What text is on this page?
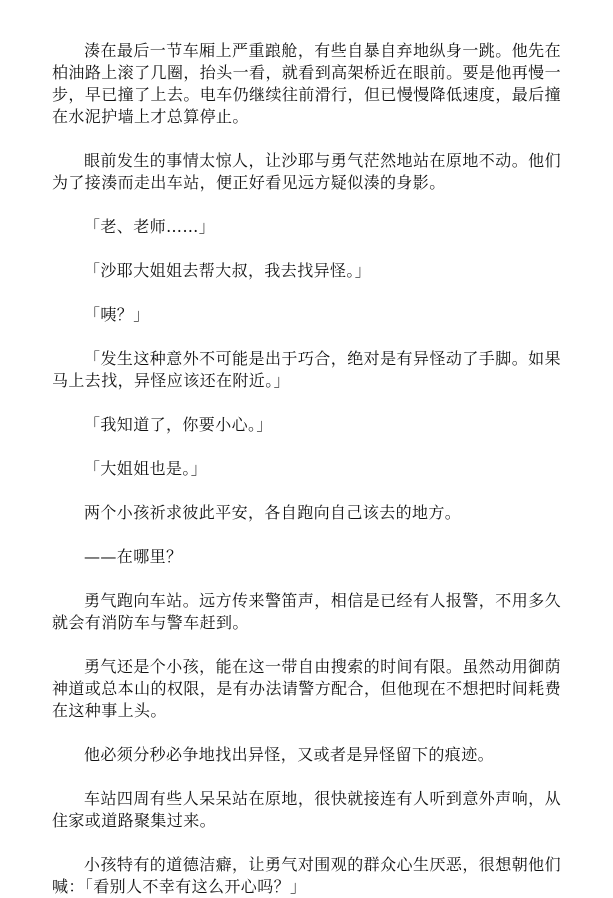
湊在最后一节车厢上严重踉舱，有些自暴自弃地纵身一跳。他先在柏油路上滚了几圈，抬头一看，就看到高架桥近在眼前。要是他再慢一步，早已撞了上去。电车仍继续往前滑行，但已慢慢降低速度，最后撞在水泥护墙上才总算停止。

眼前发生的事情太惊人，让沙耶与勇气茫然地站在原地不动。他们为了接湊而走出车站，便正好看见远方疑似湊的身影。

「老、老师……」

「沙耶大姐姐去帮大叔，我去找异怪。」

「咦？」

「发生这种意外不可能是出于巧合，绝对是有异怪动了手脚。如果马上去找，异怪应该还在附近。」

「我知道了，你要小心。」

「大姐姐也是。」

两个小孩祈求彼此平安，各自跑向自己该去的地方。

——在哪里？

勇气跑向车站。远方传来警笛声，相信是已经有人报警，不用多久就会有消防车与警车赶到。

勇气还是个小孩，能在这一带自由搜索的时间有限。虽然动用御荫神道或总本山的权限，是有办法请警方配合，但他现在不想把时间耗费在这种事上头。

他必须分秒必争地找出异怪，又或者是异怪留下的痕迹。

车站四周有些人呆呆站在原地，很快就接连有人听到意外声响，从住家或道路聚集过来。

小孩特有的道德洁癖，让勇气对围观的群众心生厌恶，很想朝他们喊：「看别人不幸有这么开心吗？」
